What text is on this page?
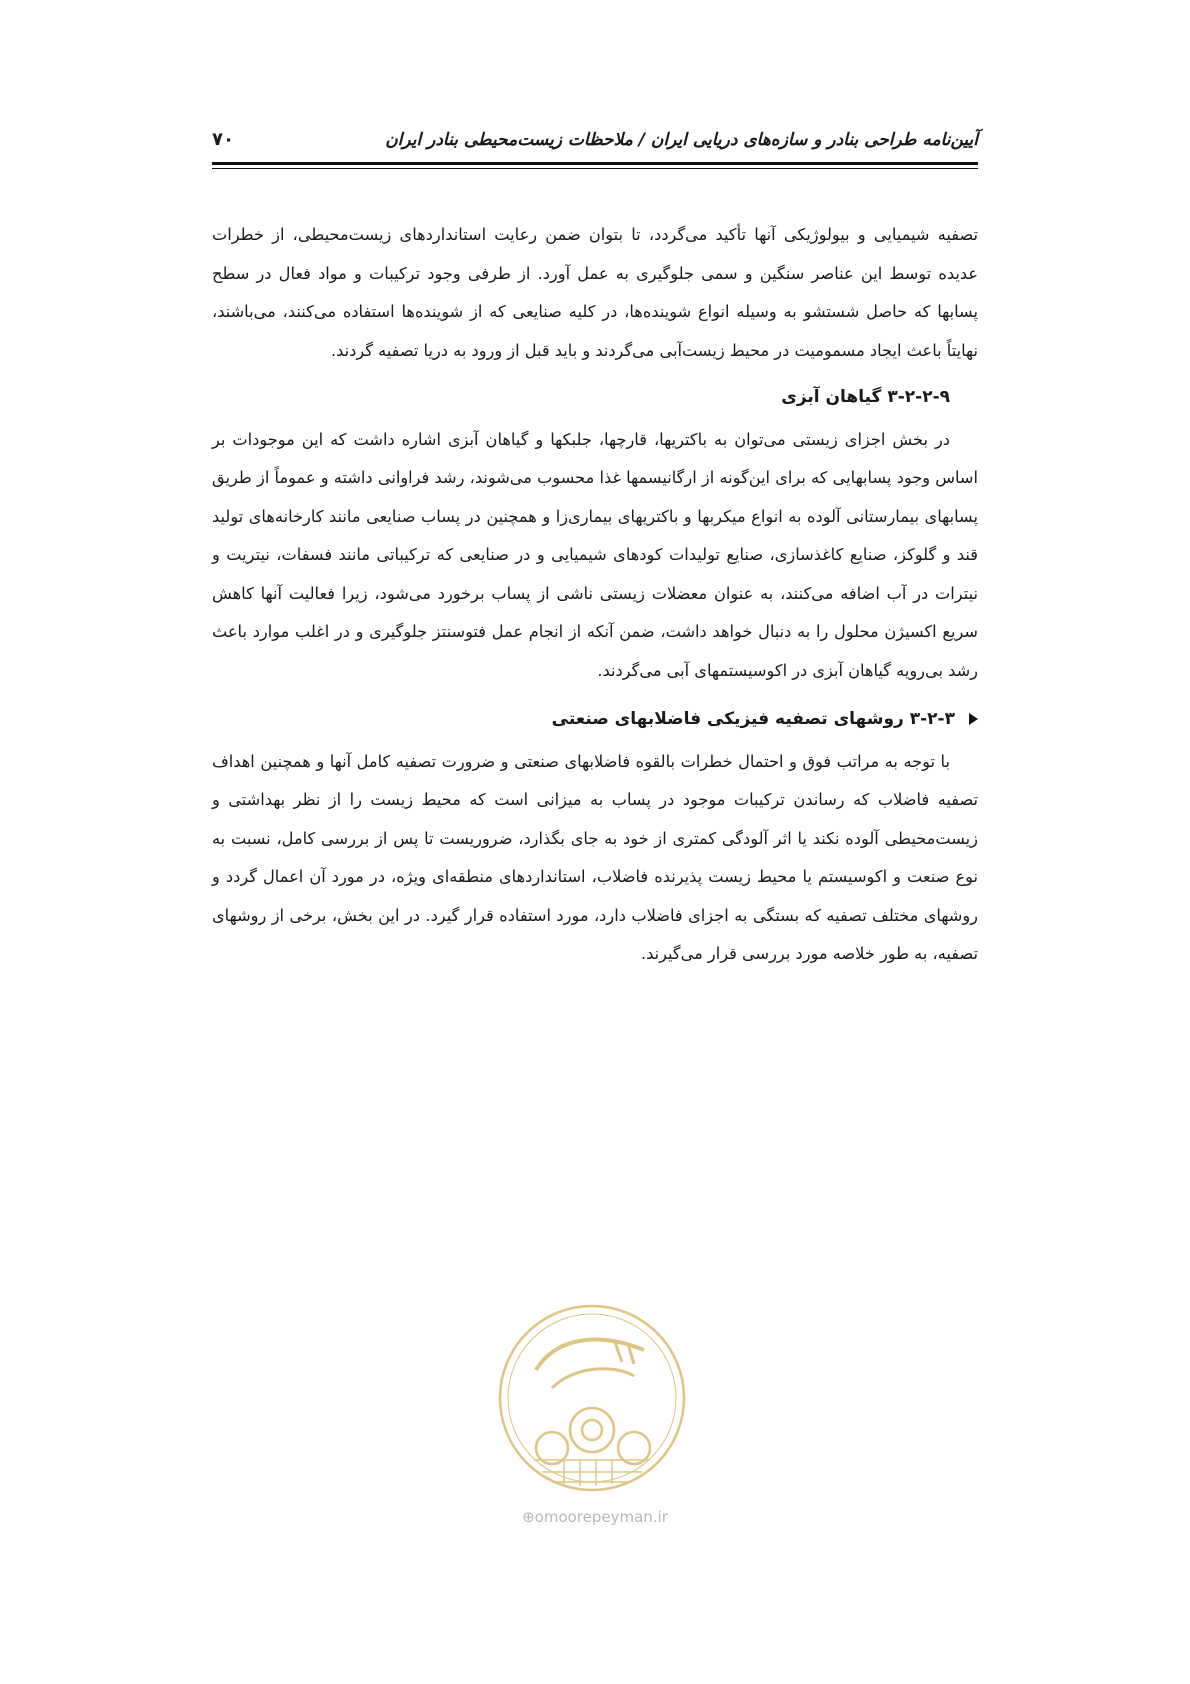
آیین‌نامه طراحی بنادر و سازه‌های دریایی ایران / ملاحظات زیست‌محیطی بنادر ایران
۷۰

تصفیه شیمیایی و بیولوژیکی آنها تأکید می‌گردد، تا بتوان ضمن رعایت استانداردهای زیست‌محیطی، از خطرات عدیده توسط این عناصر سنگین و سمی جلوگیری به عمل آورد. از طرفی وجود ترکیبات و مواد فعال در سطح پسابها که حاصل شستشو به وسیله انواع شوینده‌ها، در کلیه صنایعی که از شوینده‌ها استفاده می‌کنند، می‌باشند، نهایتاً باعث ایجاد مسمومیت در محیط زیست‌آبی می‌گردند و باید قبل از ورود به دریا تصفیه گردند.

۳-۲-۲-۹ گیاهان آبزی

در بخش اجزای زیستی می‌توان به باکتریها، قارچها، جلبکها و گیاهان آبزی اشاره داشت که این موجودات بر اساس وجود پسابهایی که برای این‌گونه از ارگانیسمها غذا محسوب می‌شوند، رشد فراوانی داشته و عموماً از طریق پسابهای بیمارستانی آلوده به انواع میکربها و باکتریهای بیماری‌زا و همچنین در پساب صنایعی مانند کارخانه‌های تولید قند و گلوکز، صنایع کاغذسازی، صنایع تولیدات کودهای شیمیایی و در صنایعی که ترکیباتی مانند فسفات، نیتریت و نیترات در آب اضافه می‌کنند، به عنوان معضلات زیستی ناشی از پساب برخورد می‌شود، زیرا فعالیت آنها کاهش سریع اکسیژن محلول را به دنبال خواهد داشت، ضمن آنکه از انجام عمل فتوسنتز جلوگیری و در اغلب موارد باعث رشد بی‌رویه گیاهان آبزی در اکوسیستمهای آبی می‌گردند.

۳-۲-۳ روشهای تصفیه فیزیکی فاضلابهای صنعتی

با توجه به مراتب فوق و احتمال خطرات بالقوه فاضلابهای صنعتی و ضرورت تصفیه کامل آنها و همچنین اهداف تصفیه فاضلاب که رساندن ترکیبات موجود در پساب به میزانی است که محیط زیست را از نظر بهداشتی و زیست‌محیطی آلوده نکند یا اثر آلودگی کمتری از خود به جای بگذارد، ضروریست تا پس از بررسی کامل، نسبت به نوع صنعت و اکوسیستم یا محیط زیست پذیرنده فاضلاب، استانداردهای منطقه‌ای ویژه، در مورد آن اعمال گردد و روشهای مختلف تصفیه که بستگی به اجزای فاضلاب دارد، مورد استفاده قرار گیرد. در این بخش، برخی از روشهای تصفیه، به طور خلاصه مورد بررسی قرار می‌گیرند.

⊕omoorepeyman.ir
